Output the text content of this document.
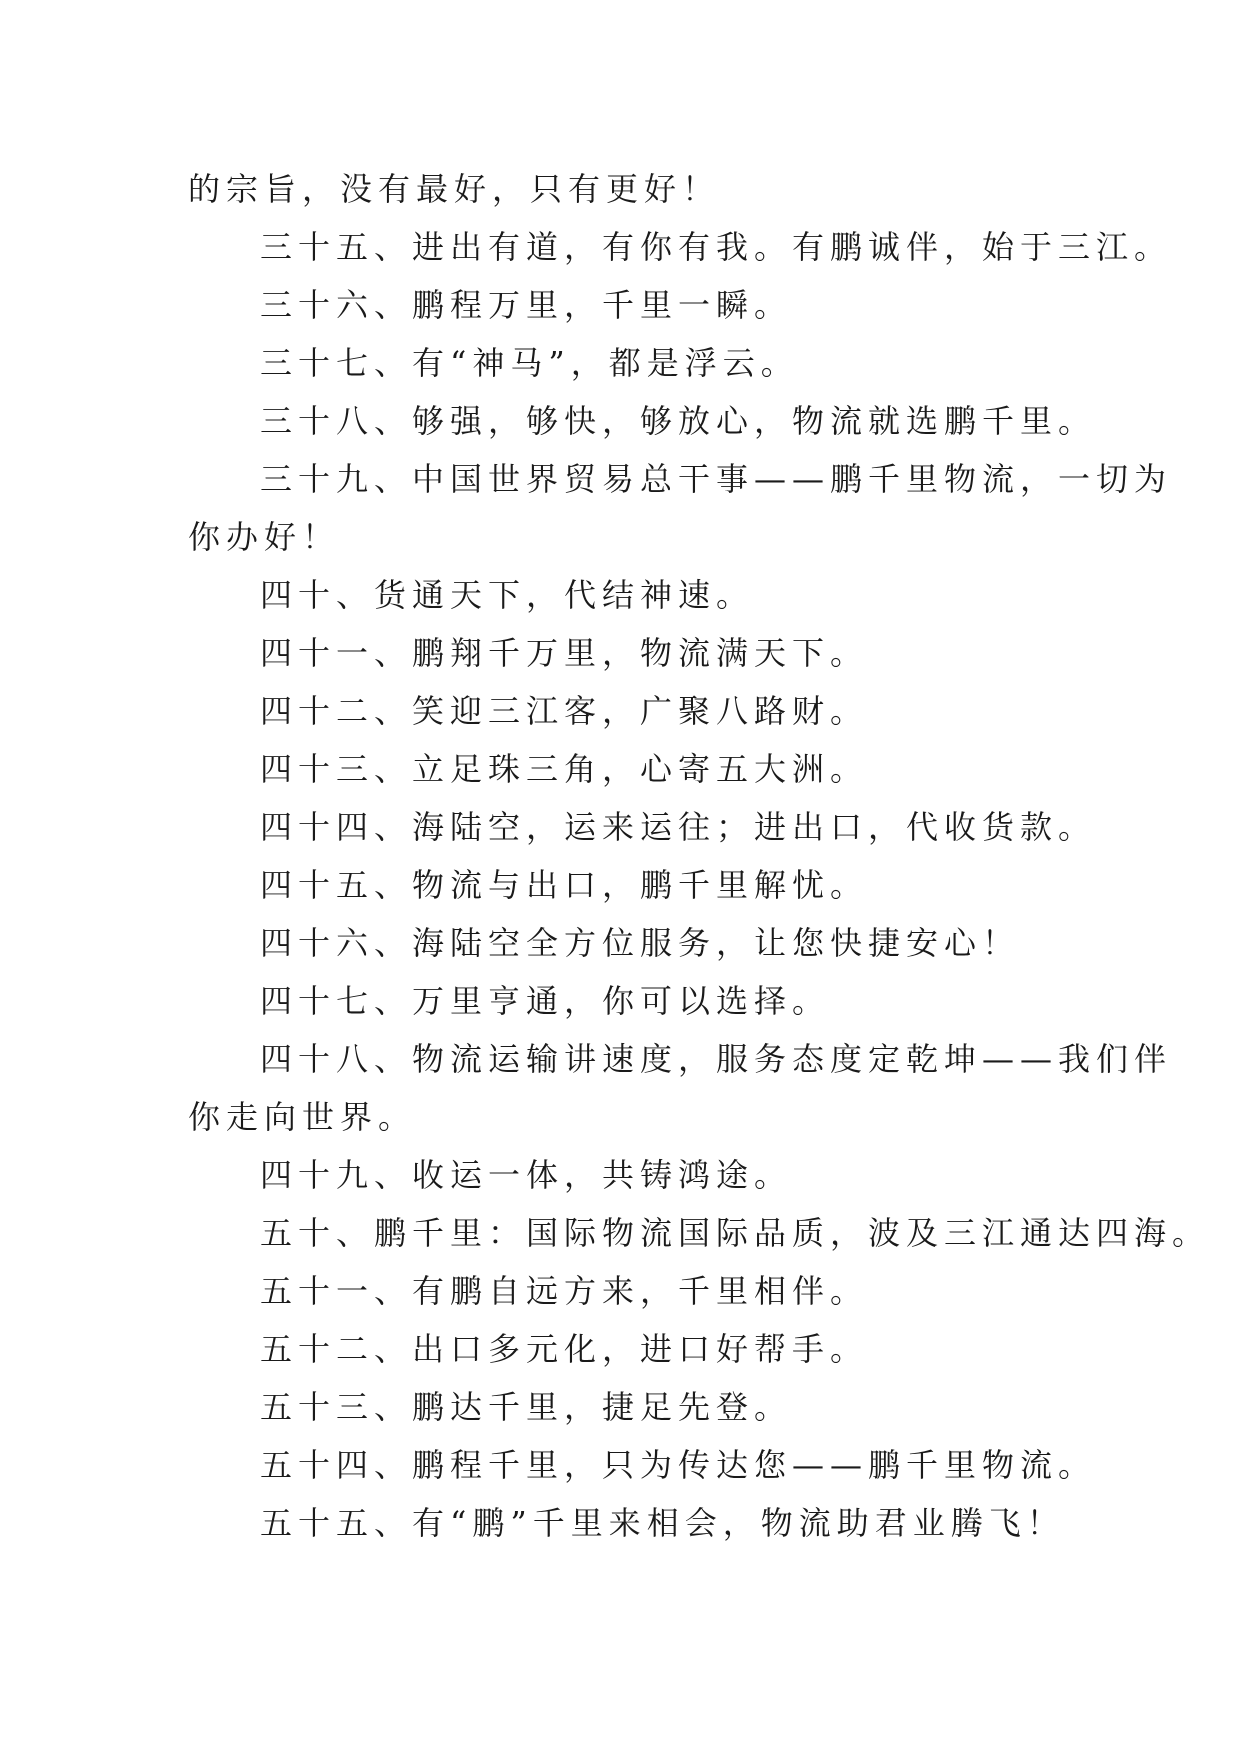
的宗旨，没有最好，只有更好！
三十五、进出有道，有你有我。有鹏诚伴，始于三江。
三十六、鹏程万里，千里一瞬。
三十七、有“神马”，都是浮云。
三十八、够强，够快，够放心，物流就选鹏千里。
三十九、中国世界贸易总干事——鹏千里物流，一切为
你办好！
四十、货通天下，代结神速。
四十一、鹏翔千万里，物流满天下。
四十二、笑迎三江客，广聚八路财。
四十三、立足珠三角，心寄五大洲。
四十四、海陆空，运来运往；进出口，代收货款。
四十五、物流与出口，鹏千里解忧。
四十六、海陆空全方位服务，让您快捷安心！
四十七、万里亨通，你可以选择。
四十八、物流运输讲速度，服务态度定乾坤——我们伴
你走向世界。
四十九、收运一体，共铸鸿途。
五十、鹏千里：国际物流国际品质，波及三江通达四海。
五十一、有鹏自远方来，千里相伴。
五十二、出口多元化，进口好帮手。
五十三、鹏达千里，捷足先登。
五十四、鹏程千里，只为传达您——鹏千里物流。
五十五、有“鹏”千里来相会，物流助君业腾飞！
